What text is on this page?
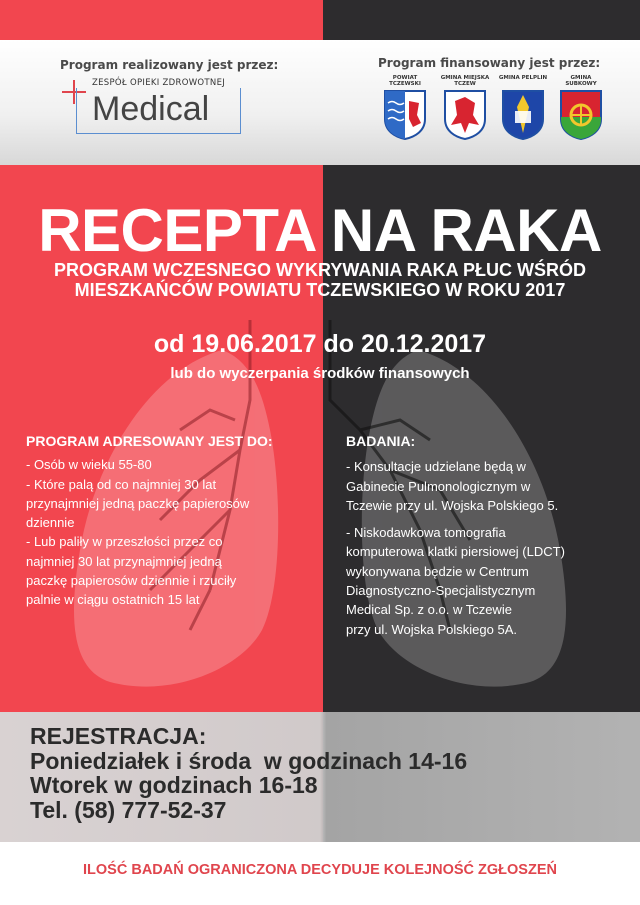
Program realizowany jest przez:
ZESPÓŁ OPIEKI ZDROWOTNEJ
Medical
Program finansowany jest przez:
POWIAT TCZEWSKI
GMINA MIEJSKA TCZEW
GMINA PELPLIN	GMINA SUBKOWY
RECEPTA NA RAKA
PROGRAM WCZESNEGO WYKRYWANIA RAKA PŁUC WŚRÓD
MIESZKAŃCÓW POWIATU TCZEWSKIEGO W ROKU 2017
od 19.06.2017 do 20.12.2017
lub do wyczerpania środków finansowych
PROGRAM ADRESOWANY JEST DO:
- Osób w wieku 55-80
- Które palą od co najmniej 30 lat
przynajmniej jedną paczkę papierosów
dziennie
- Lub paliły w przeszłości przez co
najmniej 30 lat przynajmniej jedną
paczkę papierosów dziennie i rzuciły
palnie w ciągu ostatnich 15 lat
BADANIA:
- Konsultacje udzielane będą w
Gabinecie Pulmonologicznym w
Tczewie przy ul. Wojska Polskiego 5.
- Niskodawkowa tomografia
komputerowa klatki piersiowej (LDCT)
wykonywana będzie w Centrum
Diagnostyczno-Specjalistycznym
Medical Sp. z o.o. w Tczewie
przy ul. Wojska Polskiego 5A.
REJESTRACJA:
Poniedziałek i środa  w godzinach 14-16
Wtorek w godzinach 16-18
Tel. (58) 777-52-37
ILOŚĆ BADAŃ OGRANICZONA DECYDUJE KOLEJNOŚĆ ZGŁOSZEŃ
